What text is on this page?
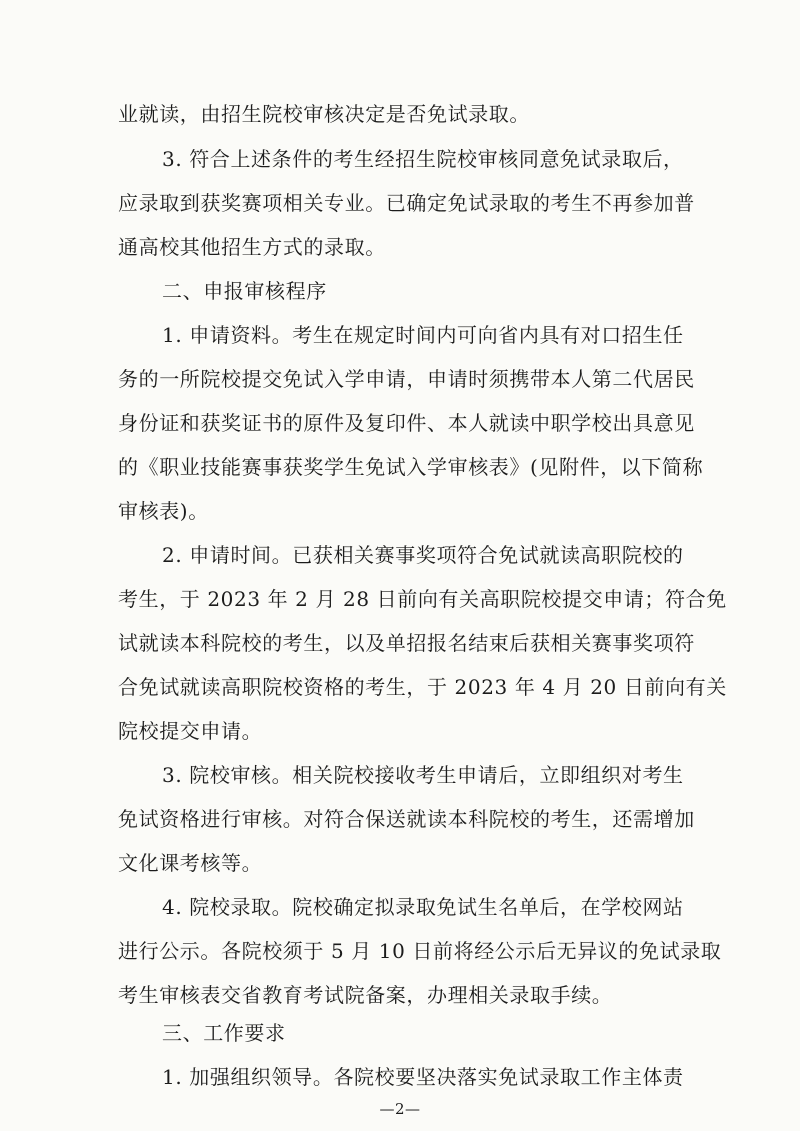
业就读，由招生院校审核决定是否免试录取。
3. 符合上述条件的考生经招生院校审核同意免试录取后，
应录取到获奖赛项相关专业。已确定免试录取的考生不再参加普
通高校其他招生方式的录取。
二、申报审核程序
1. 申请资料。考生在规定时间内可向省内具有对口招生任
务的一所院校提交免试入学申请，申请时须携带本人第二代居民
身份证和获奖证书的原件及复印件、本人就读中职学校出具意见
的《职业技能赛事获奖学生免试入学审核表》(见附件，以下简称
审核表)。
2. 申请时间。已获相关赛事奖项符合免试就读高职院校的
考生，于 2023 年 2 月 28 日前向有关高职院校提交申请；符合免
试就读本科院校的考生，以及单招报名结束后获相关赛事奖项符
合免试就读高职院校资格的考生，于 2023 年 4 月 20 日前向有关
院校提交申请。
3. 院校审核。相关院校接收考生申请后，立即组织对考生
免试资格进行审核。对符合保送就读本科院校的考生，还需增加
文化课考核等。
4. 院校录取。院校确定拟录取免试生名单后，在学校网站
进行公示。各院校须于 5 月 10 日前将经公示后无异议的免试录取
考生审核表交省教育考试院备案，办理相关录取手续。
三、工作要求
1. 加强组织领导。各院校要坚决落实免试录取工作主体责
—2—
